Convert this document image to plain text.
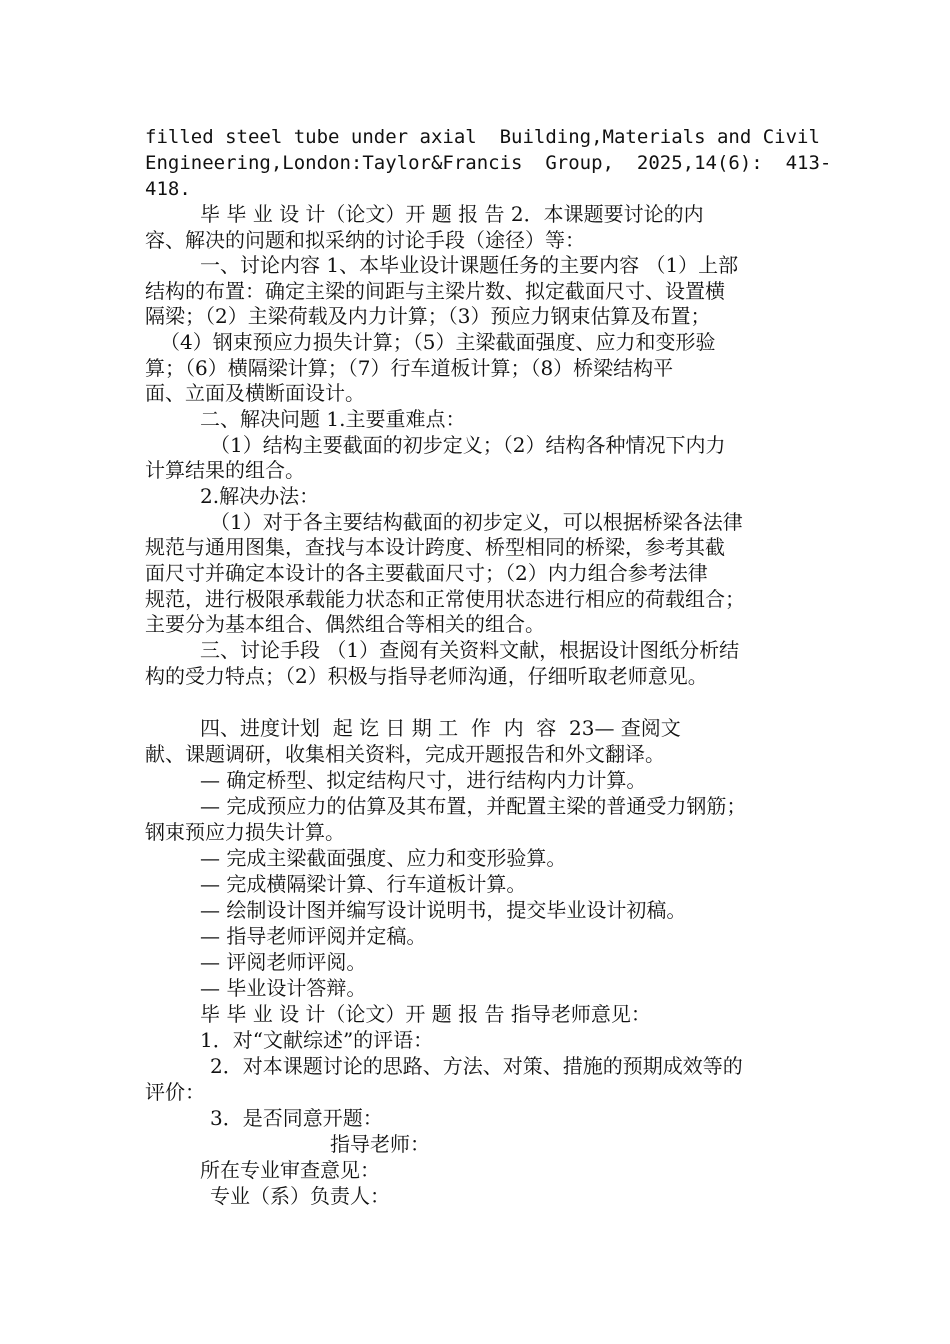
filled steel tube under axial  Building,Materials and Civil
Engineering,London:Taylor&Francis  Group,  2025,14(6):  413-
418.
毕 毕 业 设 计（论文）开 题 报 告 2．本课题要讨论的内
容、解决的问题和拟采纳的讨论手段（途径）等：
一、讨论内容 1、本毕业设计课题任务的主要内容 （1）上部
结构的布置：确定主梁的间距与主梁片数、拟定截面尺寸、设置横
隔梁；（2）主梁荷载及内力计算；（3）预应力钢束估算及布置；
（4）钢束预应力损失计算；（5）主梁截面强度、应力和变形验
算；（6）横隔梁计算；（7）行车道板计算；（8）桥梁结构平
面、立面及横断面设计。
二、解决问题 1.主要重难点：
（1）结构主要截面的初步定义；（2）结构各种情况下内力
计算结果的组合。
2.解决办法：
（1）对于各主要结构截面的初步定义，可以根据桥梁各法律
规范与通用图集，查找与本设计跨度、桥型相同的桥梁，参考其截
面尺寸并确定本设计的各主要截面尺寸；（2）内力组合参考法律
规范，进行极限承载能力状态和正常使用状态进行相应的荷载组合；
主要分为基本组合、偶然组合等相关的组合。
三、讨论手段 （1）查阅有关资料文献，根据设计图纸分析结
构的受力特点；（2）积极与指导老师沟通，仔细听取老师意见。
四、进度计划  起 讫 日 期 工  作  内  容  23— 查阅文
献、课题调研，收集相关资料，完成开题报告和外文翻译。
— 确定桥型、拟定结构尺寸，进行结构内力计算。
— 完成预应力的估算及其布置，并配置主梁的普通受力钢筋；
钢束预应力损失计算。
— 完成主梁截面强度、应力和变形验算。
— 完成横隔梁计算、行车道板计算。
— 绘制设计图并编写设计说明书，提交毕业设计初稿。
— 指导老师评阅并定稿。
— 评阅老师评阅。
— 毕业设计答辩。
毕 毕 业 设 计（论文）开 题 报 告 指导老师意见：
1．对“文献综述”的评语：
2．对本课题讨论的思路、方法、对策、措施的预期成效等的
评价：
3．是否同意开题：
指导老师：
所在专业审查意见：
专业（系）负责人：
